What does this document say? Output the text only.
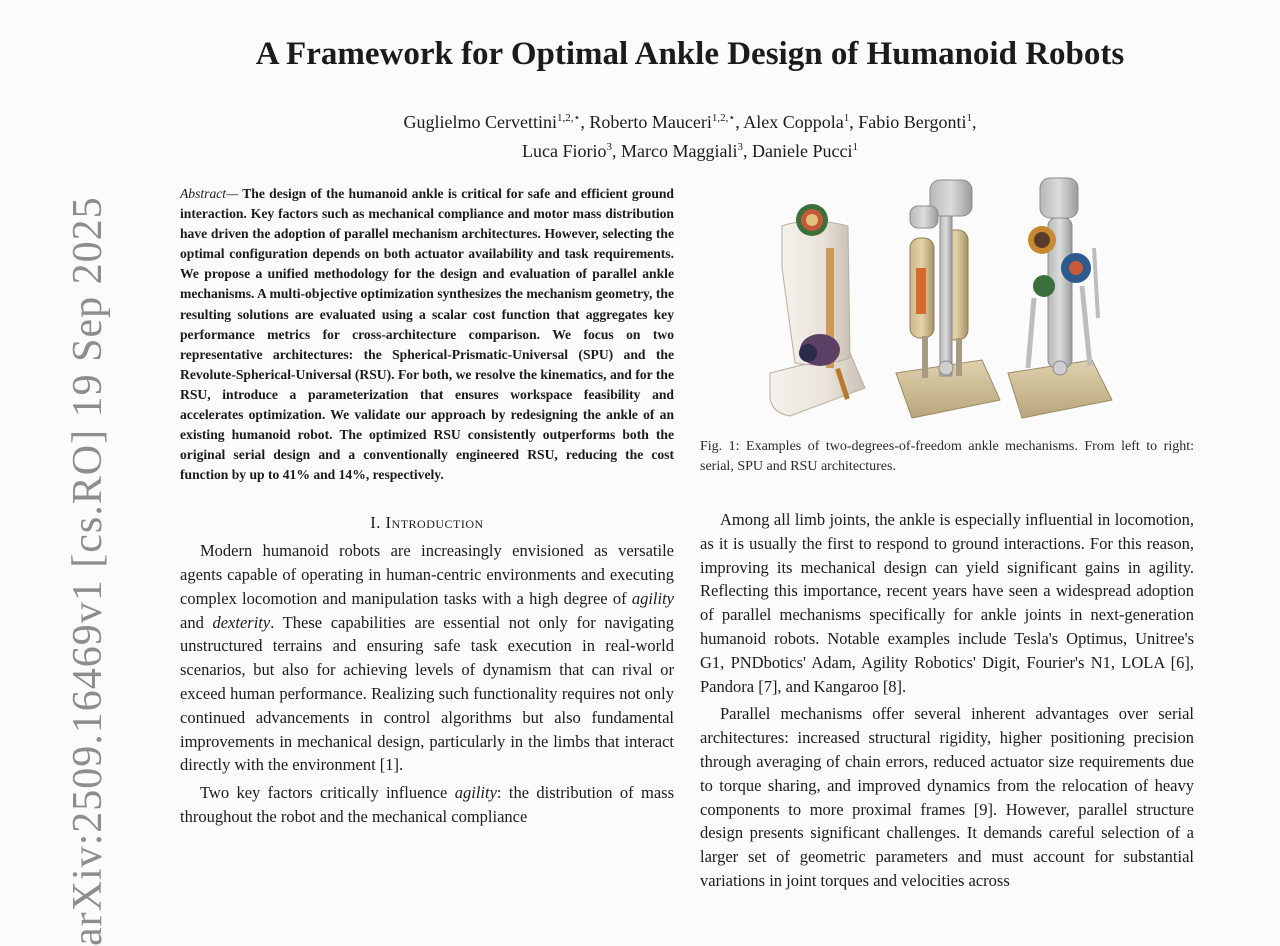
arXiv:2509.16469v1 [cs.RO] 19 Sep 2025
A Framework for Optimal Ankle Design of Humanoid Robots
Guglielmo Cervettini$^{1,2,⋆}$, Roberto Mauceri$^{1,2,⋆}$, Alex Coppola$^1$, Fabio Bergonti$^1$,
Luca Fiorio$^3$, Marco Maggiali$^3$, Daniele Pucci$^1$

Abstract— The design of the humanoid ankle is critical for safe and efficient ground interaction. Key factors such as mechanical compliance and motor mass distribution have driven the adoption of parallel mechanism architectures. However, selecting the optimal configuration depends on both actuator availability and task requirements. We propose a unified methodology for the design and evaluation of parallel ankle mechanisms. A multi-objective optimization synthesizes the mechanism geometry, the resulting solutions are evaluated using a scalar cost function that aggregates key performance metrics for cross-architecture comparison. We focus on two representative architectures: the Spherical-Prismatic-Universal (SPU) and the Revolute-Spherical-Universal (RSU). For both, we resolve the kinematics, and for the RSU, introduce a parameterization that ensures workspace feasibility and accelerates optimization. We validate our approach by redesigning the ankle of an existing humanoid robot. The optimized RSU consistently outperforms both the original serial design and a conventionally engineered RSU, reducing the cost function by up to 41% and 14%, respectively.

I. Introduction

Modern humanoid robots are increasingly envisioned as versatile agents capable of operating in human-centric environments and executing complex locomotion and manipulation tasks with a high degree of agility and dexterity. These capabilities are essential not only for navigating unstructured terrains and ensuring safe task execution in real-world scenarios, but also for achieving levels of dynamism that can rival or exceed human performance. Realizing such functionality requires not only continued advancements in control algorithms but also fundamental improvements in mechanical design, particularly in the limbs that interact directly with the environment [1].

Two key factors critically influence agility: the distribution of mass throughout the robot and the mechanical compliance

Fig. 1: Examples of two-degrees-of-freedom ankle mechanisms. From left to right: serial, SPU and RSU architectures.

Among all limb joints, the ankle is especially influential in locomotion, as it is usually the first to respond to ground interactions. For this reason, improving its mechanical design can yield significant gains in agility. Reflecting this importance, recent years have seen a widespread adoption of parallel mechanisms specifically for ankle joints in next-generation humanoid robots. Notable examples include Tesla's Optimus, Unitree's G1, PNDbotics' Adam, Agility Robotics' Digit, Fourier's N1, LOLA [6], Pandora [7], and Kangaroo [8].

Parallel mechanisms offer several inherent advantages over serial architectures: increased structural rigidity, higher positioning precision through averaging of chain errors, reduced actuator size requirements due to torque sharing, and improved dynamics from the relocation of heavy components to more proximal frames [9]. However, parallel structure design presents significant challenges. It demands careful selection of a larger set of geometric parameters and must account for substantial variations in joint torques and velocities across
